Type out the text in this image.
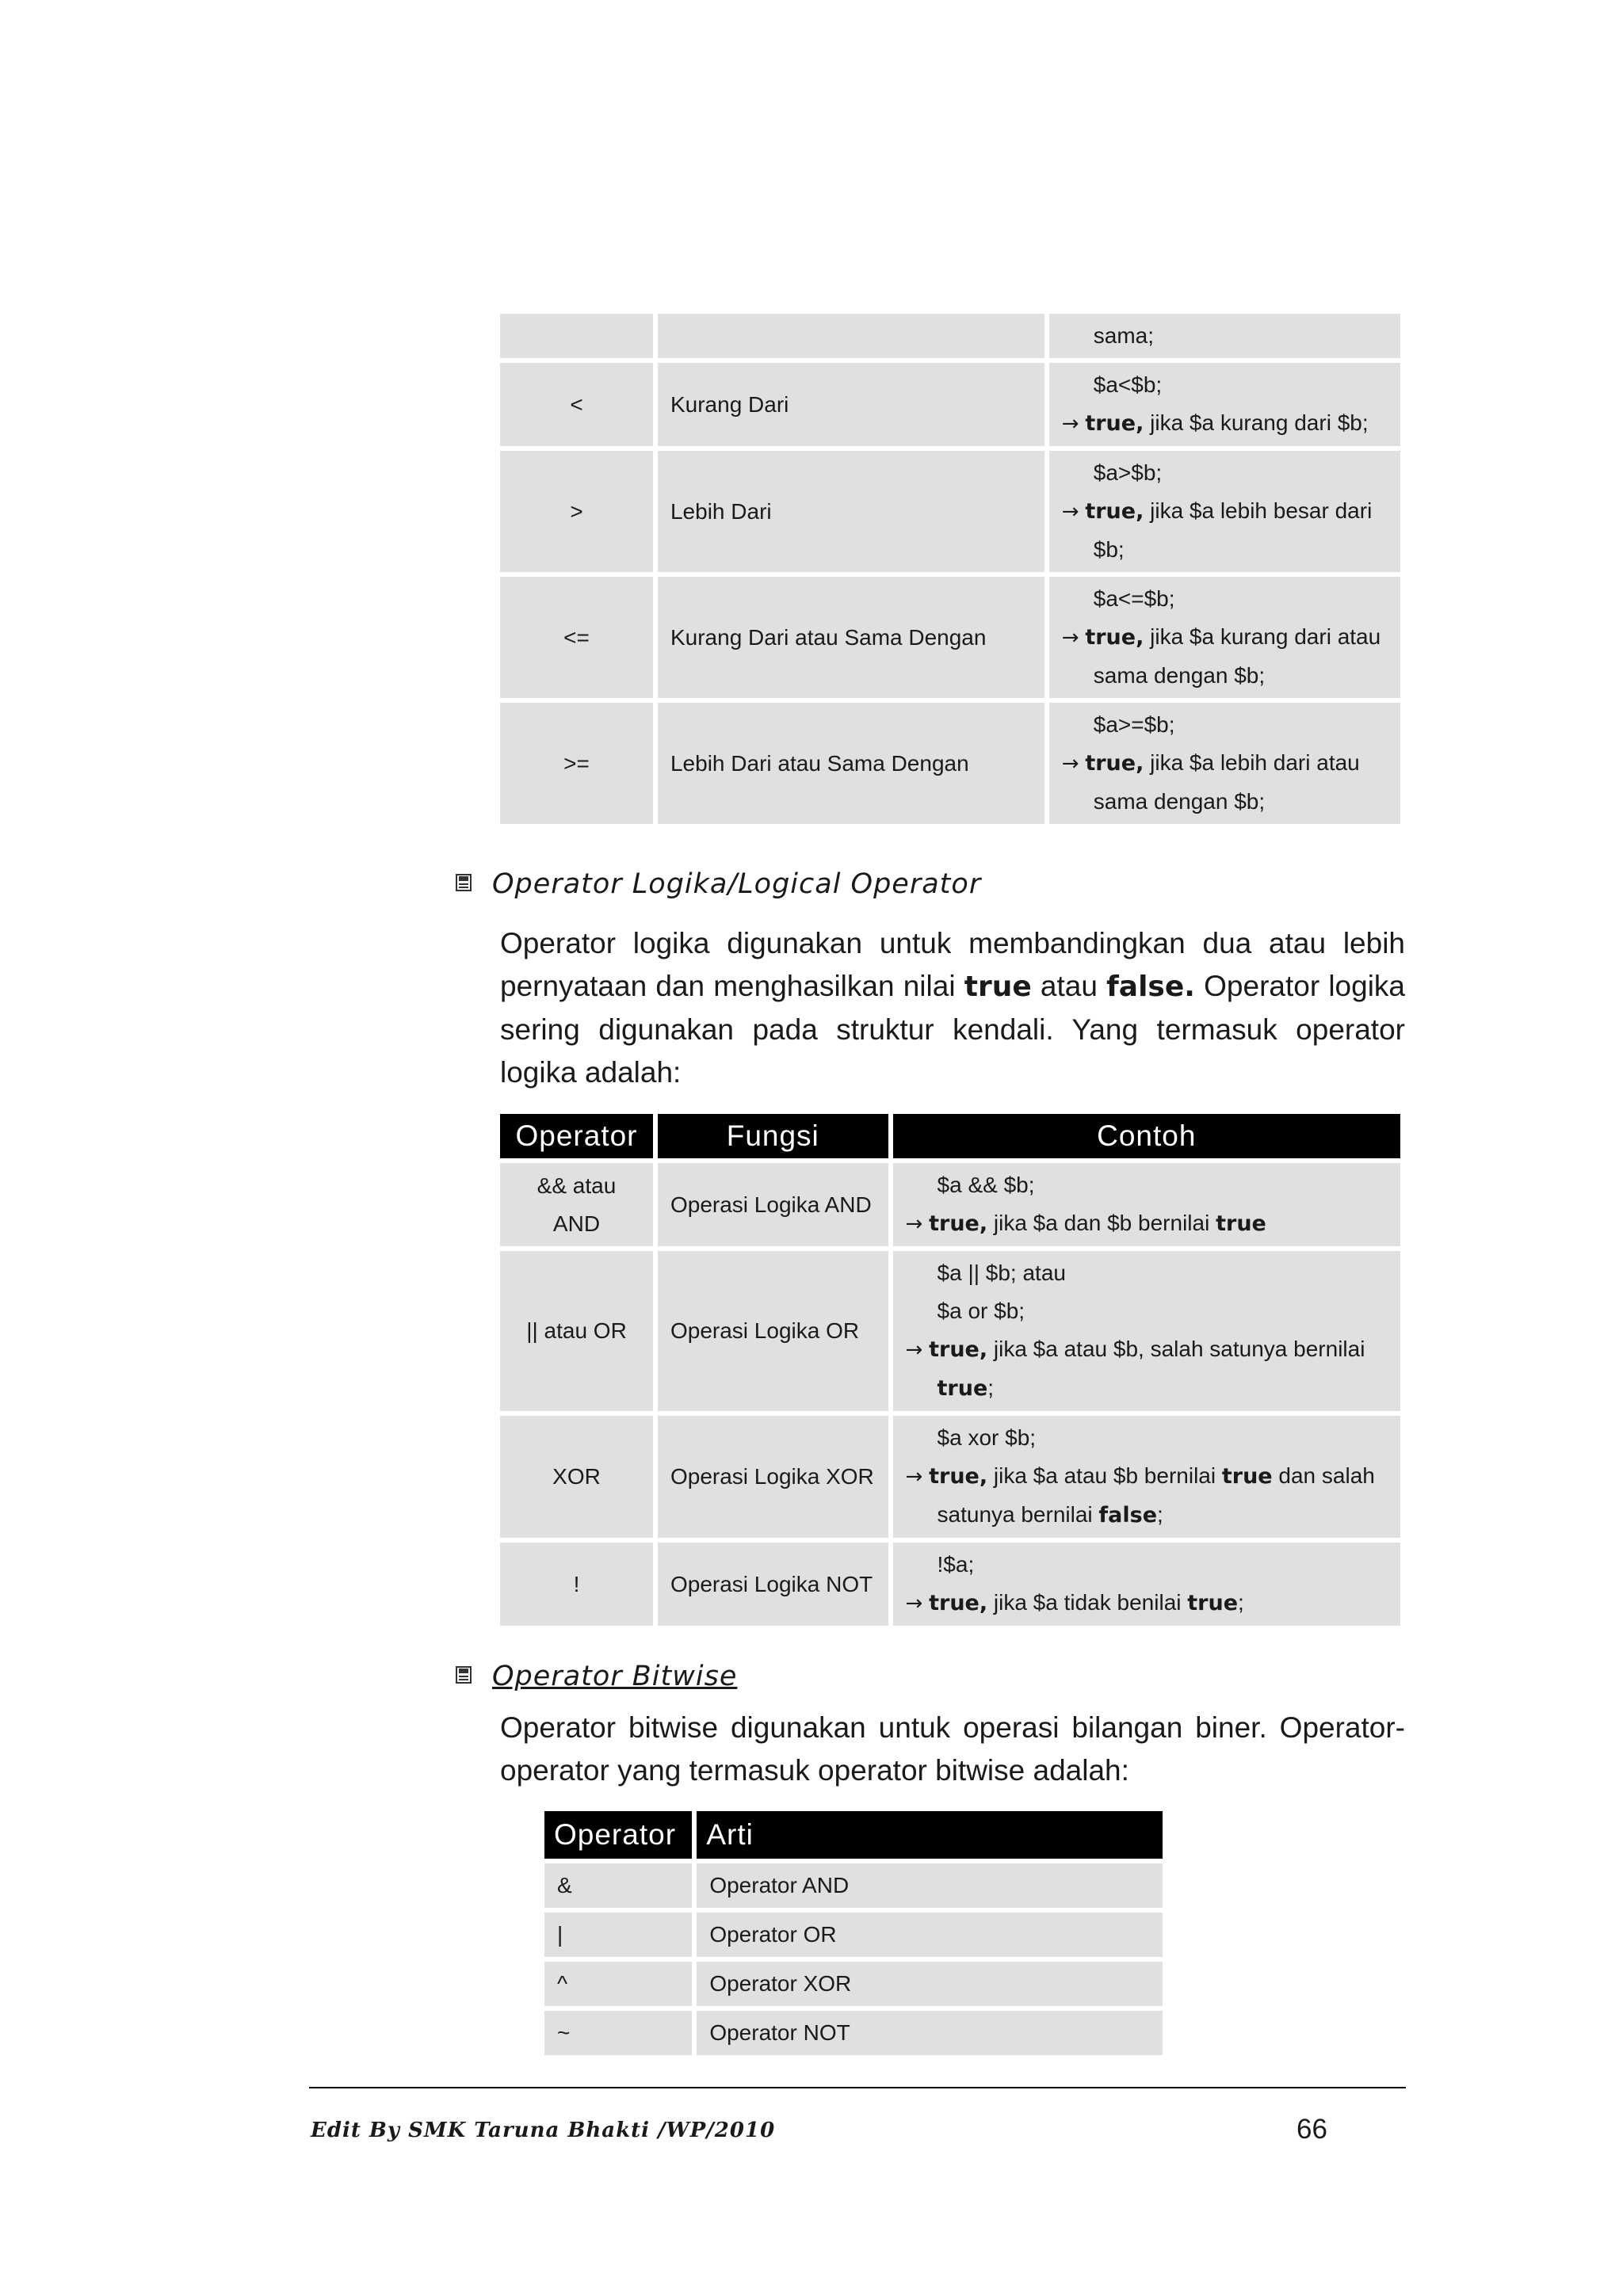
		sama;

<	Kurang Dari	$a<$b;
→ true, jika $a kurang dari $b;

>	Lebih Dari	$a>$b;
→ true, jika $a lebih besar dari
$b;

<=	Kurang Dari atau Sama Dengan	$a<=$b;
→ true, jika $a kurang dari atau
sama dengan $b;

>=	Lebih Dari atau Sama Dengan	$a>=$b;
→ true, jika $a lebih dari atau
sama dengan $b;
Operator Logika/Logical Operator
Operator logika digunakan untuk membandingkan dua atau lebih pernyataan dan menghasilkan nilai true atau false. Operator logika sering digunakan pada struktur kendali. Yang termasuk operator logika adalah:
Operator	Fungsi	Contoh

&& atau
AND	Operasi Logika AND	$a && $b;
→ true, jika $a dan $b bernilai true

|| atau OR	Operasi Logika OR	$a || $b; atau
$a or $b;
→ true, jika $a atau $b, salah satunya bernilai
true;

XOR	Operasi Logika XOR	$a xor $b;
→ true, jika $a atau $b bernilai true dan salah
satunya bernilai false;

!	Operasi Logika NOT	!$a;
→ true, jika $a tidak benilai true;
Operator Bitwise
Operator bitwise digunakan untuk operasi bilangan biner. Operator-operator yang termasuk operator bitwise adalah:
Operator	Arti
&	Operator AND
|	Operator OR
^	Operator XOR
~	Operator NOT
Edit By SMK Taruna Bhakti /WP/2010	66
